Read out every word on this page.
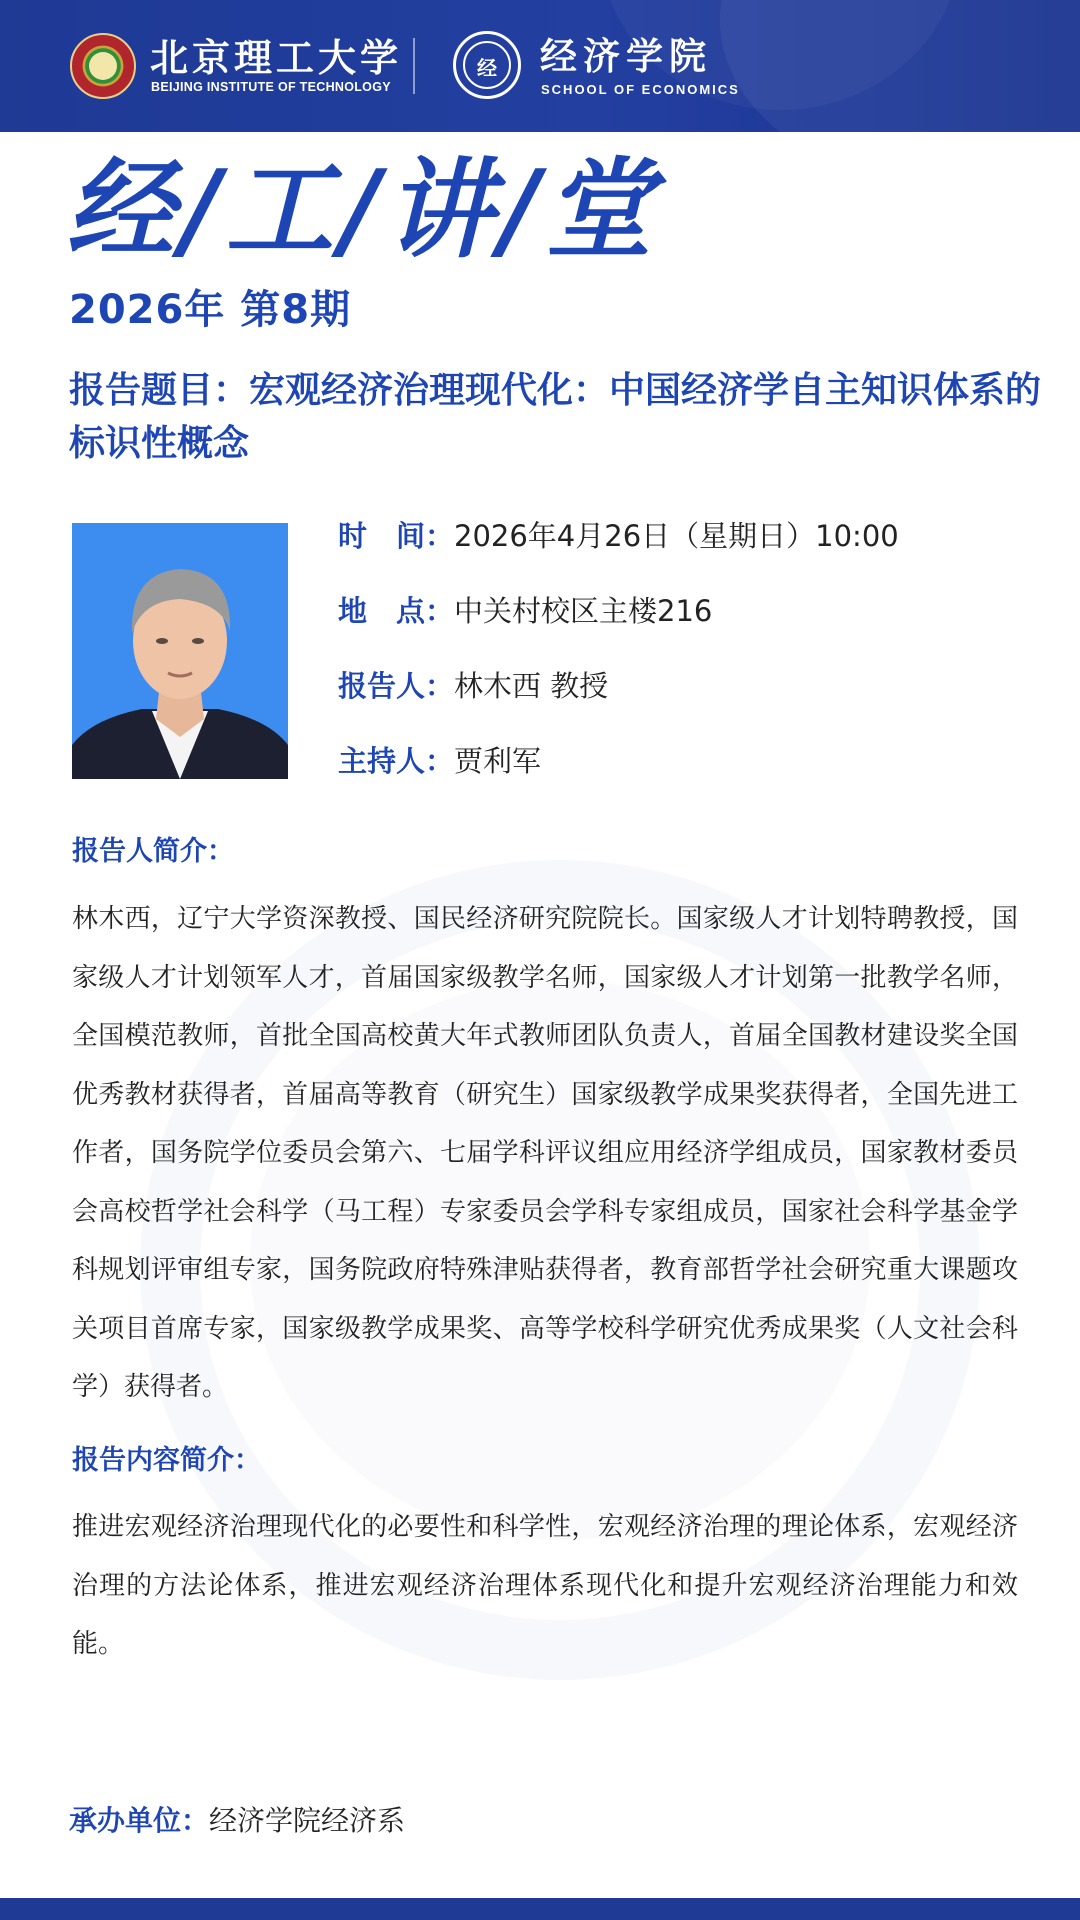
北京理工大学
BEIJING INSTITUTE OF TECHNOLOGY
经	经济学院
SCHOOL OF ECONOMICS
经/工/讲/堂
2026年 第8期
报告题目：宏观经济治理现代化：中国经济学自主知识体系的标识性概念
时　间：2026年4月26日（星期日）10:00
地　点：中关村校区主楼216
报告人：林木西 教授
主持人：贾利军
报告人简介：
林木西，辽宁大学资深教授、国民经济研究院院长。国家级人才计划特聘教授，国家级人才计划领军人才，首届国家级教学名师，国家级人才计划第一批教学名师，全国模范教师，首批全国高校黄大年式教师团队负责人，首届全国教材建设奖全国优秀教材获得者，首届高等教育（研究生）国家级教学成果奖获得者，全国先进工作者，国务院学位委员会第六、七届学科评议组应用经济学组成员，国家教材委员会高校哲学社会科学（马工程）专家委员会学科专家组成员，国家社会科学基金学科规划评审组专家，国务院政府特殊津贴获得者，教育部哲学社会研究重大课题攻关项目首席专家，国家级教学成果奖、高等学校科学研究优秀成果奖（人文社会科学）获得者。
报告内容简介：
推进宏观经济治理现代化的必要性和科学性，宏观经济治理的理论体系，宏观经济治理的方法论体系，推进宏观经济治理体系现代化和提升宏观经济治理能力和效能。
承办单位：经济学院经济系
